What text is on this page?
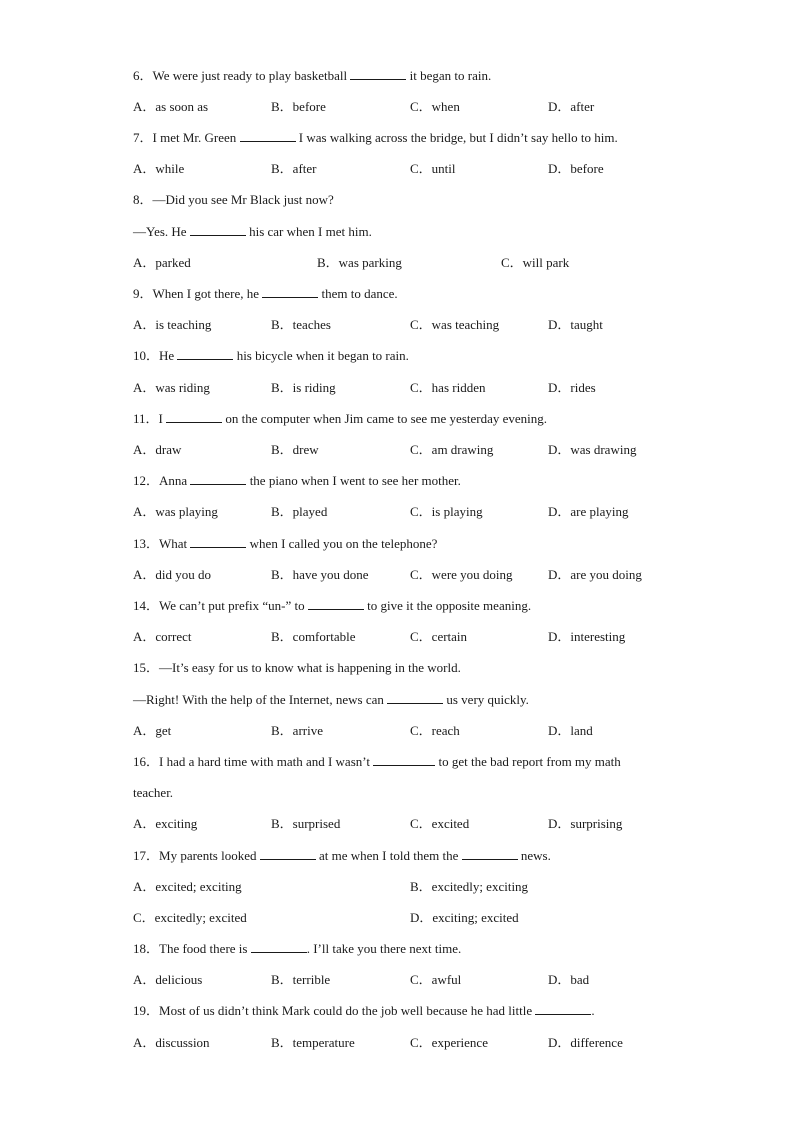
6．We were just ready to play basketball	it began to rain.
A．as soon as	B．before	C．when	D．after
7．I met Mr. Green	I was walking across the bridge, but I didn’t say hello to him.
A．while	B．after	C．until	D．before
8．—Did you see Mr Black just now?
—Yes. He	his car when I met him.
A．parked	B．was parking	C．will park
9．When I got there, he	them to dance.
A．is teaching	B．teaches	C．was teaching	D．taught
10．He	his bicycle when it began to rain.
A．was riding	B．is riding	C．has ridden	D．rides
11．I	on the computer when Jim came to see me yesterday evening.
A．draw	B．drew	C．am drawing	D．was drawing
12．Anna	the piano when I went to see her mother.
A．was playing	B．played	C．is playing	D．are playing
13．What	when I called you on the telephone?
A．did you do	B．have you done	C．were you doing	D．are you doing
14．We can’t put prefix “un-” to	to give it the opposite meaning.
A．correct	B．comfortable	C．certain	D．interesting
15．—It’s easy for us to know what is happening in the world.
—Right! With the help of the Internet, news can	us very quickly.
A．get	B．arrive	C．reach	D．land
16．I had a hard time with math and I wasn’t	to get the bad report from my math
teacher.
A．exciting	B．surprised	C．excited	D．surprising
17．My parents looked	at me when I told them the	news.
A．excited; exciting	B．excitedly; exciting
C．excitedly; excited	D．exciting; excited
18．The food there is	. I’ll take you there next time.
A．delicious	B．terrible	C．awful	D．bad
19．Most of us didn’t think Mark could do the job well because he had little	.
A．discussion	B．temperature	C．experience	D．difference
